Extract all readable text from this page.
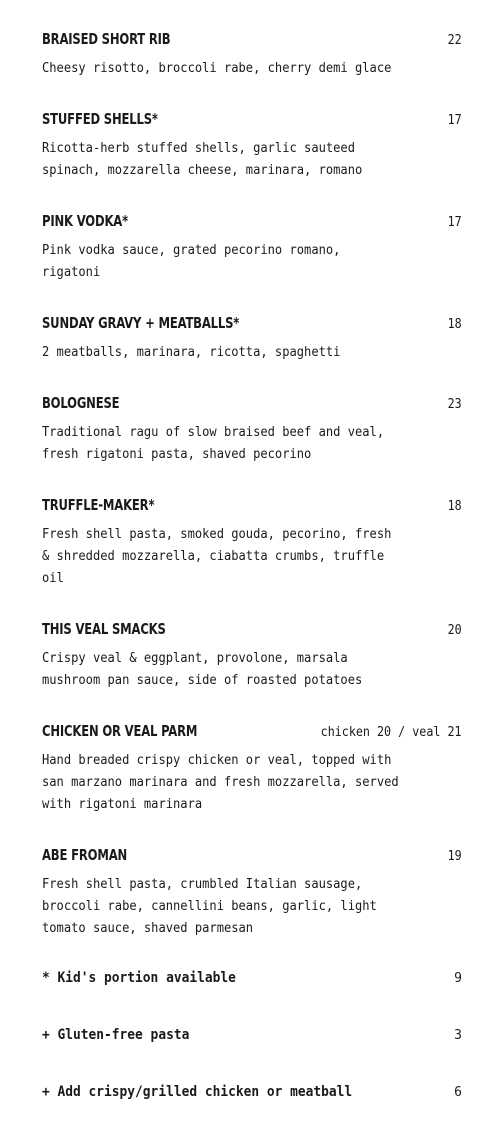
BRAISED SHORT RIB	22
Cheesy risotto, broccoli rabe, cherry demi glace
STUFFED SHELLS*	17
Ricotta-herb stuffed shells, garlic sauteed
spinach, mozzarella cheese, marinara, romano
PINK VODKA*	17
Pink vodka sauce, grated pecorino romano,
rigatoni
SUNDAY GRAVY + MEATBALLS*	18
2 meatballs, marinara, ricotta, spaghetti
BOLOGNESE	23
Traditional ragu of slow braised beef and veal,
fresh rigatoni pasta, shaved pecorino
TRUFFLE-MAKER*	18
Fresh shell pasta, smoked gouda, pecorino, fresh
& shredded mozzarella, ciabatta crumbs, truffle
oil
THIS VEAL SMACKS	20
Crispy veal & eggplant, provolone, marsala
mushroom pan sauce, side of roasted potatoes
CHICKEN OR VEAL PARM	chicken 20 / veal 21
Hand breaded crispy chicken or veal, topped with
san marzano marinara and fresh mozzarella, served
with rigatoni marinara
ABE FROMAN	19
Fresh shell pasta, crumbled Italian sausage,
broccoli rabe, cannellini beans, garlic, light
tomato sauce, shaved parmesan
* Kid's portion available	9
+ Gluten-free pasta	3
+ Add crispy/grilled chicken or meatball	6
